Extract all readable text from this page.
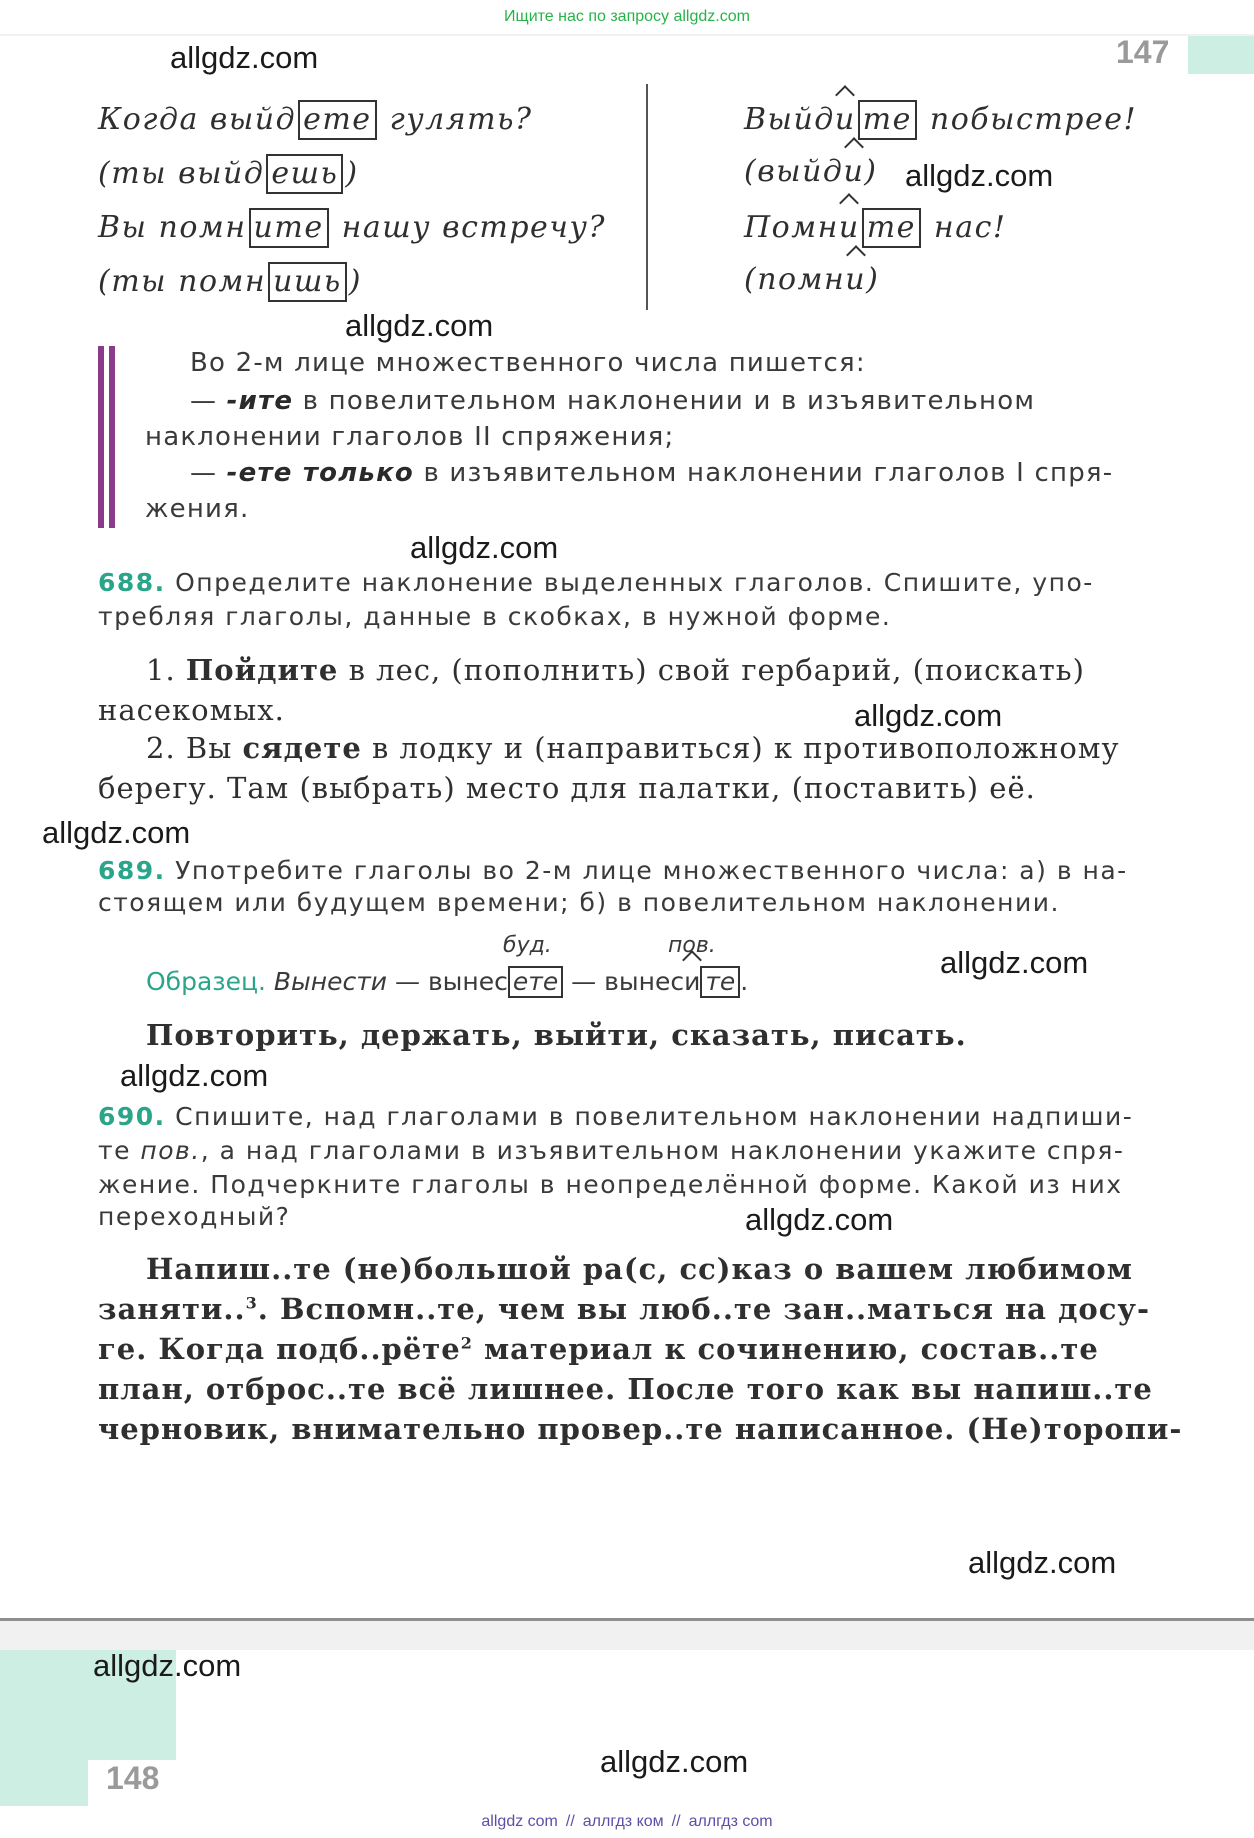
Ищите нас по запросу allgdz.com
147
allgdz.com
Когда выйд ете гулять?
(ты выйд ешь )
Вы помн ите нашу встречу?
(ты помн ишь )
Выйди те побыстрее!
(выйди)
Помни те нас!
(помни)
allgdz.com
allgdz.com
Во 2-м лице множественного числа пишется:
— -ите в повелительном наклонении и в изъявительном
наклонении глаголов II спряжения;
— -ете только в изъявительном наклонении глаголов I спря-
жения.
allgdz.com
688. Определите наклонение выделенных глаголов. Спишите, упо-
требляя глаголы, данные в скобках, в нужной форме.
1. Пойдите в лес, (пополнить) свой гербарий, (поискать)
насекомых.
2. Вы сядете в лодку и (направиться) к противоположному
берегу. Там (выбрать) место для палатки, (поставить) её.
allgdz.com
allgdz.com
689. Употребите глаголы во 2-м лице множественного числа: а) в на-
стоящем или будущем времени; б) в повелительном наклонении.
буд.	пов.
Образец. Вынести — вынес ете — вынеси те .
allgdz.com
Повторить, держать, выйти, сказать, писать.
allgdz.com
690. Спишите, над глаголами в повелительном наклонении надпиши-
те пов., а над глаголами в изъявительном наклонении укажите спря-
жение. Подчеркните глаголы в неопределённой форме. Какой из них
переходный?	allgdz.com
Напиш..те (не)большой ра(с, сс)каз о вашем любимом
заняти..$^3$. Вспомн..те, чем вы люб..те зан..маться на досу-
ге. Когда подб..рёте$^2$ материал к сочинению, состав..те
план, отброс..те всё лишнее. После того как вы напиш..те
черновик, внимательно провер..те написанное. (Не)торопи-
allgdz.com
148
allgdz.com
allgdz.com
allgdz com // аллгдз ком // аллгдз com
